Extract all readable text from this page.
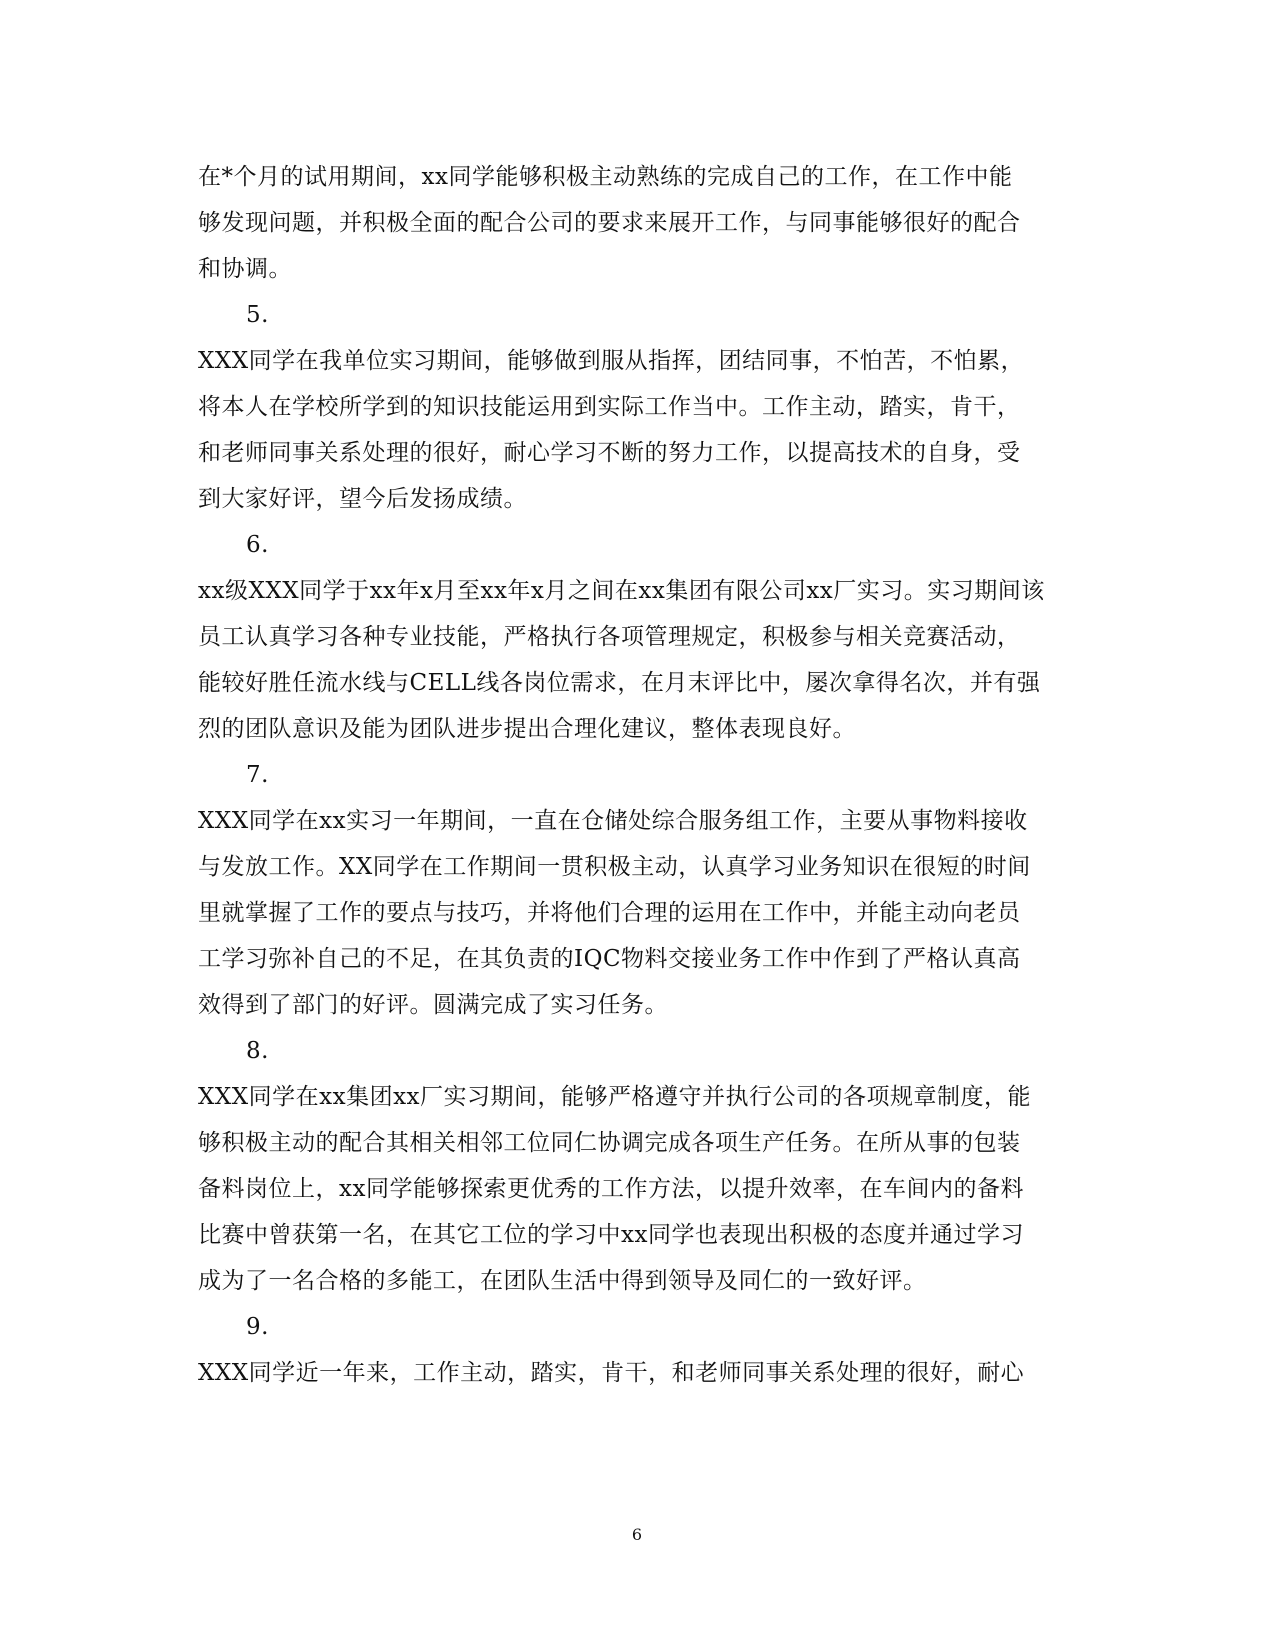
在*个月的试用期间，xx同学能够积极主动熟练的完成自己的工作，在工作中能
够发现问题，并积极全面的配合公司的要求来展开工作，与同事能够很好的配合
和协调。
5.
XXX同学在我单位实习期间，能够做到服从指挥，团结同事，不怕苦，不怕累，
将本人在学校所学到的知识技能运用到实际工作当中。工作主动，踏实，肯干，
和老师同事关系处理的很好，耐心学习不断的努力工作，以提高技术的自身，受
到大家好评，望今后发扬成绩。
6.
xx级XXX同学于xx年x月至xx年x月之间在xx集团有限公司xx厂实习。实习期间该
员工认真学习各种专业技能，严格执行各项管理规定，积极参与相关竞赛活动，
能较好胜任流水线与CELL线各岗位需求，在月末评比中，屡次拿得名次，并有强
烈的团队意识及能为团队进步提出合理化建议，整体表现良好。
7.
XXX同学在xx实习一年期间，一直在仓储处综合服务组工作，主要从事物料接收
与发放工作。XX同学在工作期间一贯积极主动，认真学习业务知识在很短的时间
里就掌握了工作的要点与技巧，并将他们合理的运用在工作中，并能主动向老员
工学习弥补自己的不足，在其负责的IQC物料交接业务工作中作到了严格认真高
效得到了部门的好评。圆满完成了实习任务。
8.
XXX同学在xx集团xx厂实习期间，能够严格遵守并执行公司的各项规章制度，能
够积极主动的配合其相关相邻工位同仁协调完成各项生产任务。在所从事的包装
备料岗位上，xx同学能够探索更优秀的工作方法，以提升效率，在车间内的备料
比赛中曾获第一名，在其它工位的学习中xx同学也表现出积极的态度并通过学习
成为了一名合格的多能工，在团队生活中得到领导及同仁的一致好评。
9.
XXX同学近一年来，工作主动，踏实，肯干，和老师同事关系处理的很好，耐心
6
